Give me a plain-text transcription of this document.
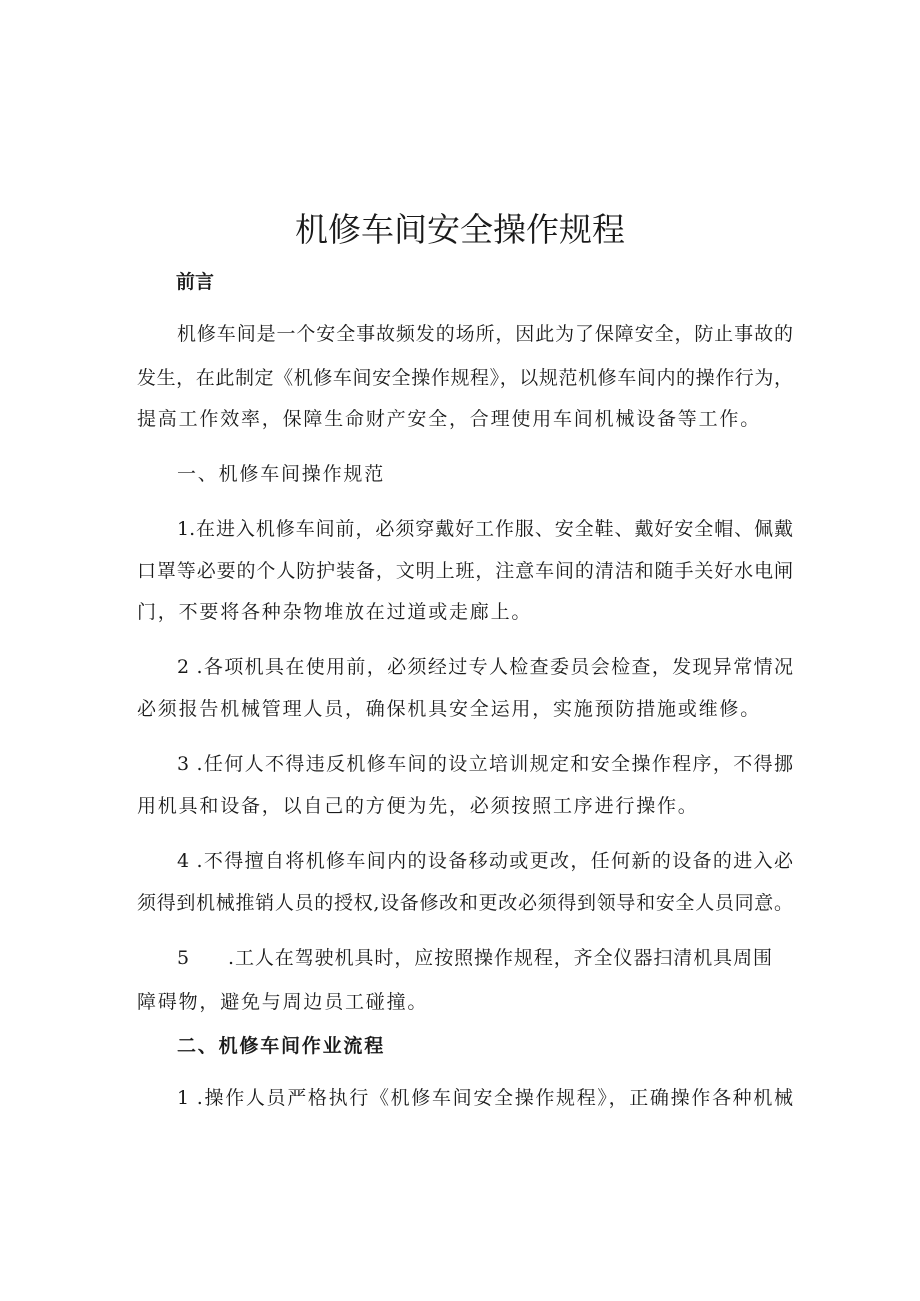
机修车间安全操作规程

前言

机修车间是一个安全事故频发的场所，因此为了保障安全，防止事故的

发生，在此制定《机修车间安全操作规程》，以规范机修车间内的操作行为，

提高工作效率，保障生命财产安全，合理使用车间机械设备等工作。

一、机修车间操作规范

1.在进入机修车间前，必须穿戴好工作服、安全鞋、戴好安全帽、佩戴

口罩等必要的个人防护装备，文明上班，注意车间的清洁和随手关好水电闸

门，不要将各种杂物堆放在过道或走廊上。

2 .各项机具在使用前，必须经过专人检查委员会检查，发现异常情况

必须报告机械管理人员，确保机具安全运用，实施预防措施或维修。

3 .任何人不得违反机修车间的设立培训规定和安全操作程序，不得挪

用机具和设备，以自己的方便为先，必须按照工序进行操作。

4 .不得擅自将机修车间内的设备移动或更改，任何新的设备的进入必

须得到机械推销人员的授权,设备修改和更改必须得到领导和安全人员同意。

5 .工人在驾驶机具时，应按照操作规程，齐全仪器扫清机具周围

障碍物，避免与周边员工碰撞。

二、机修车间作业流程

1 .操作人员严格执行《机修车间安全操作规程》，正确操作各种机械
